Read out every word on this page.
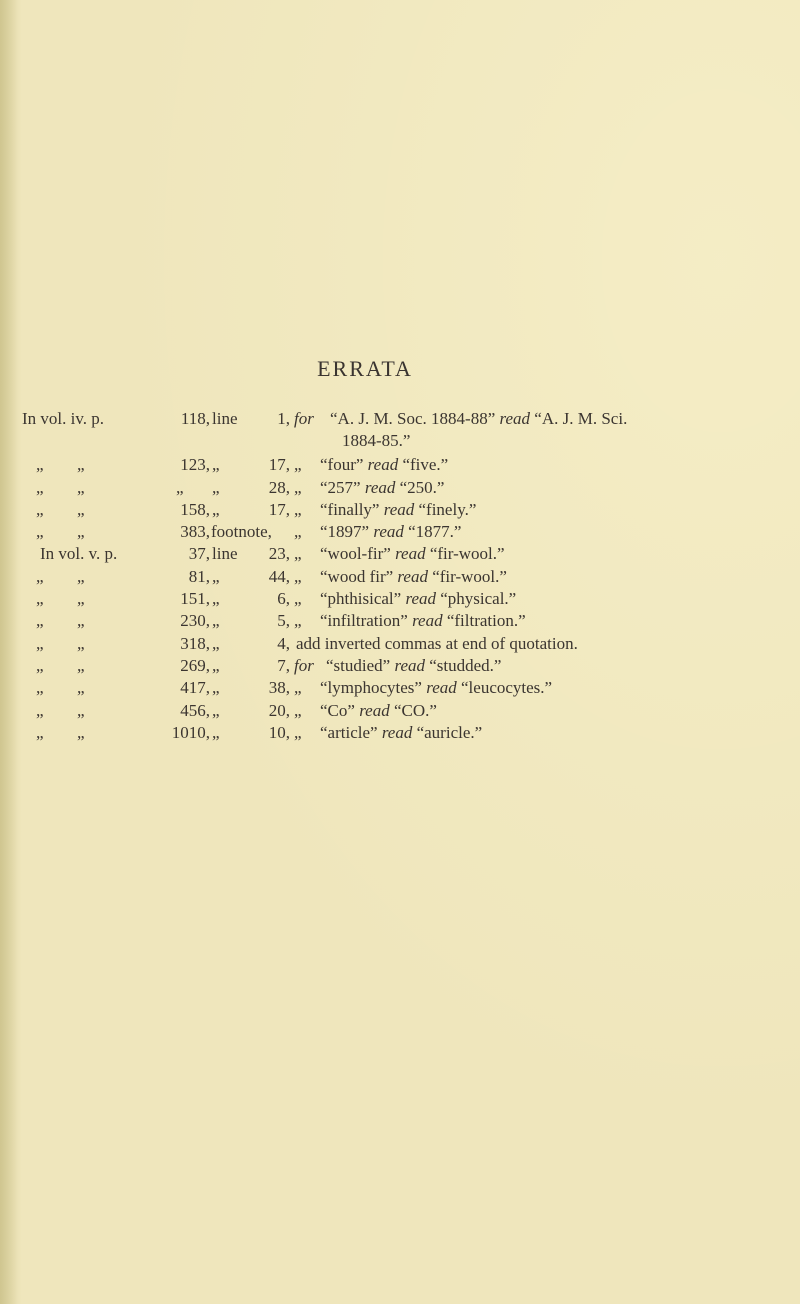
ERRATA
In vol. iv. p.	118, line	1, for “A. J. M. Soc. 1884-88” read “A. J. M. Sci.
1884-85.”
„ „	123, „	17, „	“four” read “five.”
„ „	„	„	28, „	“257” read “250.”
„ „	158, „	17, „	“finally” read “finely.”
„ „	383, footnote, „	“1897” read “1877.”
In vol. v. p.	37, line	23, „	“wool-fir” read “fir-wool.”
„ „	81, „	44, „	“wood fir” read “fir-wool.”
„ „	151, „	6, „	“phthisical” read “physical.”
„ „	230, „	5, „	“infiltration” read “filtration.”
„ „	318, „	4, add inverted commas at end of quotation.
„ „	269, „	7, for “studied” read “studded.”
„ „	417, „	38, „	“lymphocytes” read “leucocytes.”
„ „	456, „	20, „	“Co” read “CO.”
„ „	1010, „	10, „	“article” read “auricle.”
